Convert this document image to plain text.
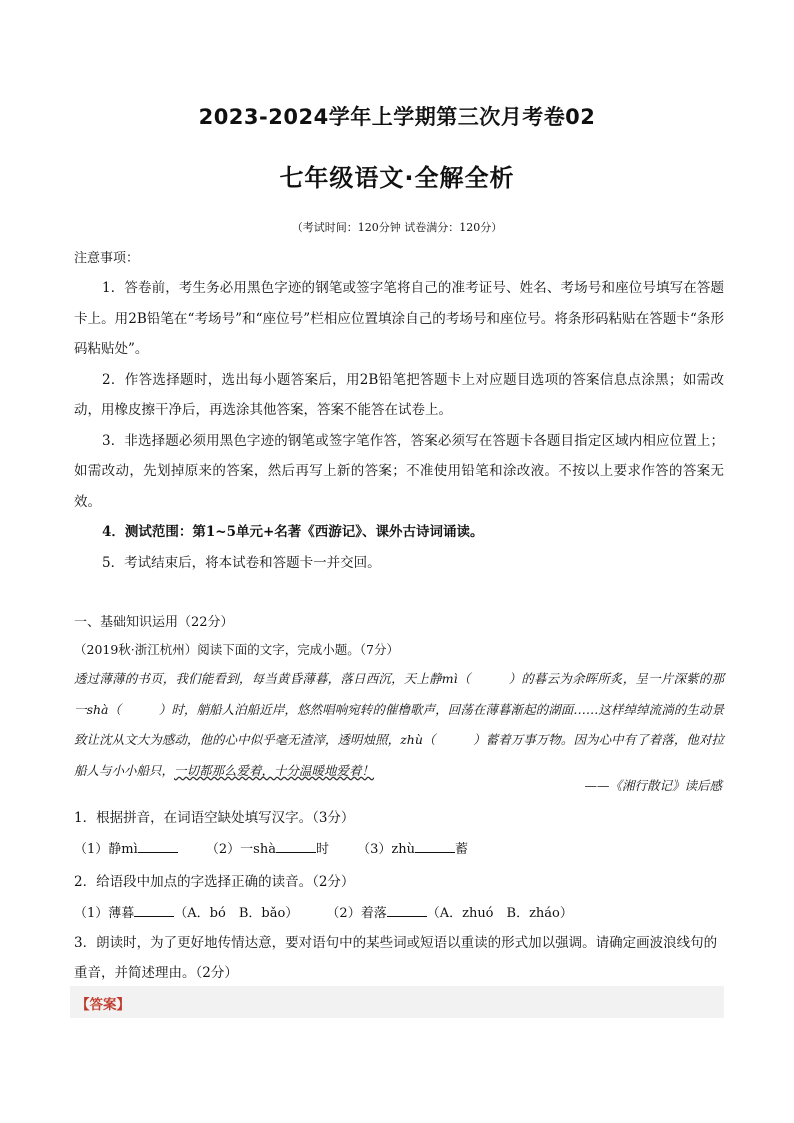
2023-2024学年上学期第三次月考卷02
七年级语文·全解全析
（考试时间：120分钟 试卷满分：120分）
注意事项：

1．答卷前，考生务必用黑色字迹的钢笔或签字笔将自己的准考证号、姓名、考场号和座位号填写在答题卡上。用2B铅笔在“考场号”和“座位号”栏相应位置填涂自己的考场号和座位号。将条形码粘贴在答题卡“条形码粘贴处”。

2．作答选择题时，选出每小题答案后，用2B铅笔把答题卡上对应题目选项的答案信息点涂黑；如需改动，用橡皮擦干净后，再选涂其他答案，答案不能答在试卷上。

3．非选择题必须用黑色字迹的钢笔或签字笔作答，答案必须写在答题卡各题目指定区域内相应位置上；如需改动，先划掉原来的答案，然后再写上新的答案；不准使用铅笔和涂改液。不按以上要求作答的答案无效。

4．测试范围：第1~5单元+名著《西游记》、课外古诗词诵读。

5．考试结束后，将本试卷和答题卡一并交回。

一、基础知识运用（22分）
（2019秋·浙江杭州）阅读下面的文字，完成小题。（7分）
透过薄薄的书页，我们能看到，每当黄昏薄暮，落日西沉，天上静mì（　　　）的暮云为余晖所炙，呈一片深紫的那一shà（　　　）时，艄船人泊船近岸，悠然唱响宛转的催橹歌声，回荡在薄暮渐起的湖面……这样绰绰流淌的生动景致让沈从文大为感动，他的心中似乎毫无渣滓，透明烛照，zhù（　　　）蓄着万事万物。因为心中有了着落，他对拉船人与小小船只，一切都那么爱着，十分温暖地爱着！
——《湘行散记》读后感
1．根据拼音，在词语空缺处填写汉字。（3分）
（1）静mì	（2）一shà	时 （3）zhù	蓄
2．给语段中加点的字选择正确的读音。（2分）
（1）薄暮	（A．bó　B．bǎo） （2）着落	（A．zhuó　B．zháo）
3．朗读时，为了更好地传情达意，要对语句中的某些词或短语以重读的形式加以强调。请确定画波浪线句的重音，并简述理由。（2分）
【答案】
